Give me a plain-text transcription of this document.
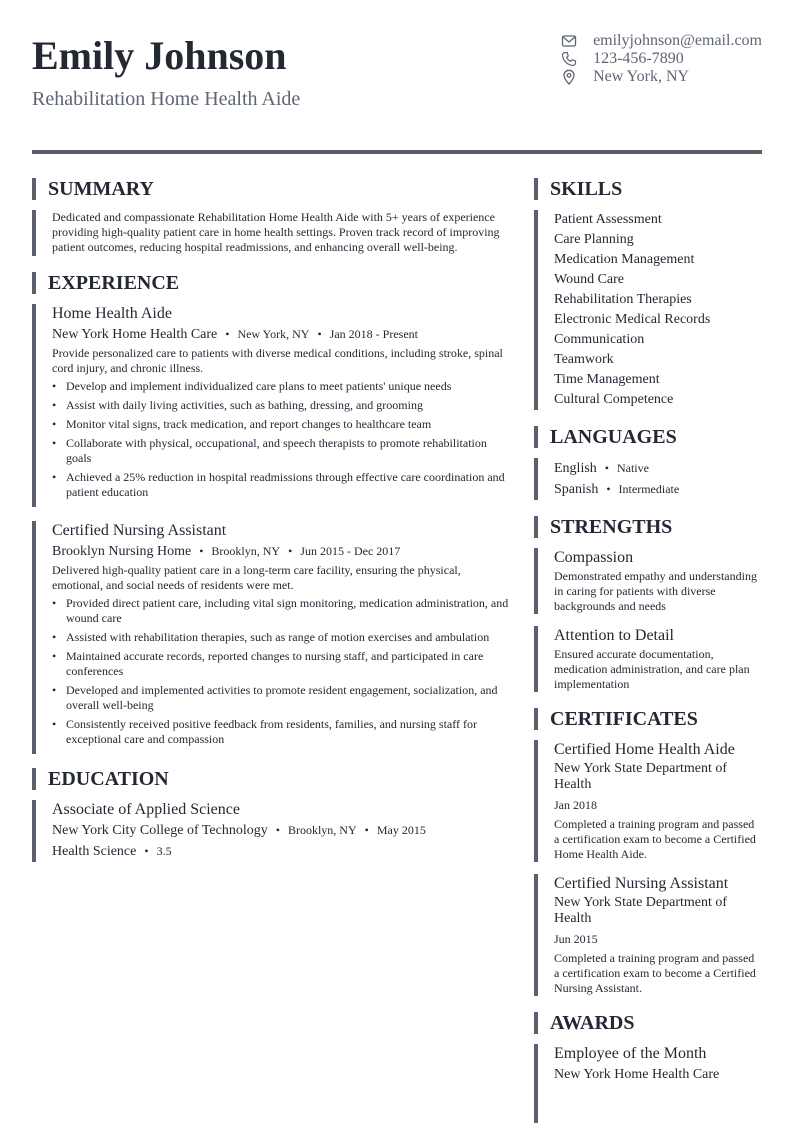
Emily Johnson
Rehabilitation Home Health Aide
emilyjohnson@email.com
123-456-7890
New York, NY
SUMMARY
Dedicated and compassionate Rehabilitation Home Health Aide with 5+ years of experience providing high-quality patient care in home health settings. Proven track record of improving patient outcomes, reducing hospital readmissions, and enhancing overall well-being.
EXPERIENCE
Home Health Aide
New York Home Health Care • New York, NY • Jan 2018 - Present
Provide personalized care to patients with diverse medical conditions, including stroke, spinal cord injury, and chronic illness.
• Develop and implement individualized care plans to meet patients' unique needs
• Assist with daily living activities, such as bathing, dressing, and grooming
• Monitor vital signs, track medication, and report changes to healthcare team
• Collaborate with physical, occupational, and speech therapists to promote rehabilitation goals
• Achieved a 25% reduction in hospital readmissions through effective care coordination and patient education
Certified Nursing Assistant
Brooklyn Nursing Home • Brooklyn, NY • Jun 2015 - Dec 2017
Delivered high-quality patient care in a long-term care facility, ensuring the physical, emotional, and social needs of residents were met.
• Provided direct patient care, including vital sign monitoring, medication administration, and wound care
• Assisted with rehabilitation therapies, such as range of motion exercises and ambulation
• Maintained accurate records, reported changes to nursing staff, and participated in care conferences
• Developed and implemented activities to promote resident engagement, socialization, and overall well-being
• Consistently received positive feedback from residents, families, and nursing staff for exceptional care and compassion
EDUCATION
Associate of Applied Science
New York City College of Technology • Brooklyn, NY • May 2015
Health Science • 3.5
SKILLS
Patient Assessment
Care Planning
Medication Management
Wound Care
Rehabilitation Therapies
Electronic Medical Records
Communication
Teamwork
Time Management
Cultural Competence
LANGUAGES
English • Native
Spanish • Intermediate
STRENGTHS
Compassion
Demonstrated empathy and understanding in caring for patients with diverse backgrounds and needs
Attention to Detail
Ensured accurate documentation, medication administration, and care plan implementation
CERTIFICATES
Certified Home Health Aide
New York State Department of Health
Jan 2018
Completed a training program and passed a certification exam to become a Certified Home Health Aide.
Certified Nursing Assistant
New York State Department of Health
Jun 2015
Completed a training program and passed a certification exam to become a Certified Nursing Assistant.
AWARDS
Employee of the Month
New York Home Health Care
